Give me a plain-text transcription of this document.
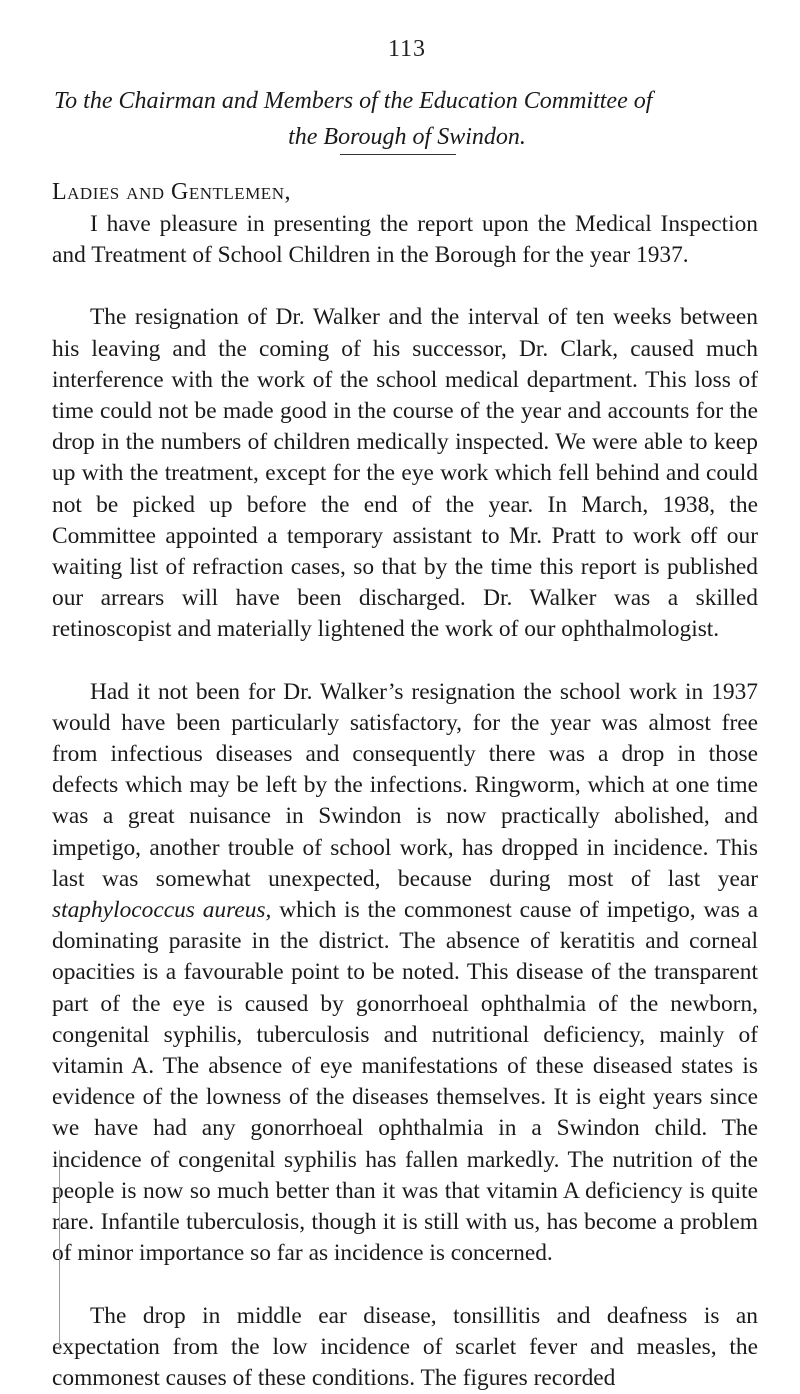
113
To the Chairman and Members of the Education Committee of
the Borough of Swindon.
Ladies and Gentlemen,

I have pleasure in presenting the report upon the Medical Inspection and Treatment of School Children in the Borough for the year 1937.

The resignation of Dr. Walker and the interval of ten weeks between his leaving and the coming of his successor, Dr. Clark, caused much interference with the work of the school medical department. This loss of time could not be made good in the course of the year and accounts for the drop in the numbers of children medically inspected. We were able to keep up with the treatment, except for the eye work which fell behind and could not be picked up before the end of the year. In March, 1938, the Committee appointed a temporary assistant to Mr. Pratt to work off our waiting list of refraction cases, so that by the time this report is published our arrears will have been discharged. Dr. Walker was a skilled retinoscopist and materially lightened the work of our ophthalmologist.

Had it not been for Dr. Walker’s resignation the school work in 1937 would have been particularly satisfactory, for the year was almost free from infectious diseases and consequently there was a drop in those defects which may be left by the infections. Ringworm, which at one time was a great nuisance in Swindon is now practically abolished, and impetigo, another trouble of school work, has dropped in incidence. This last was somewhat unexpected, because during most of last year staphylococcus aureus, which is the commonest cause of impetigo, was a dominating parasite in the district. The absence of keratitis and corneal opacities is a favourable point to be noted. This disease of the transparent part of the eye is caused by gonorrhoeal ophthalmia of the newborn, congenital syphilis, tuberculosis and nutritional deficiency, mainly of vitamin A. The absence of eye manifestations of these diseased states is evidence of the lowness of the diseases themselves. It is eight years since we have had any gonorrhoeal ophthalmia in a Swindon child. The incidence of congenital syphilis has fallen markedly. The nutrition of the people is now so much better than it was that vitamin A deficiency is quite rare. Infantile tuberculosis, though it is still with us, has become a problem of minor importance so far as incidence is concerned.

The drop in middle ear disease, tonsillitis and deafness is an expectation from the low incidence of scarlet fever and measles, the commonest causes of these conditions. The figures recorded
